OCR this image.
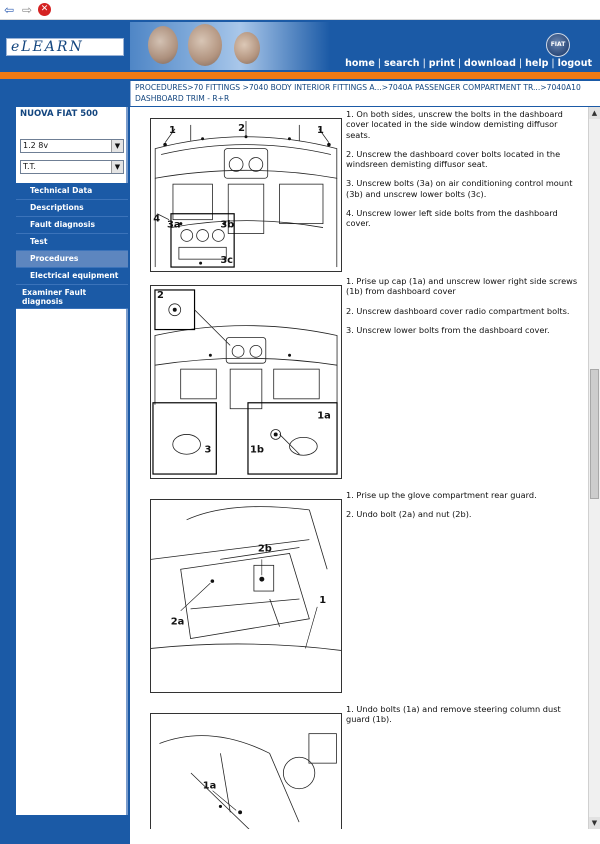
⇦ ⇨ ✕
eLEARN	FIAT
home | search | print | download | help | logout
PROCEDURES>70 FITTINGS >7040 BODY INTERIOR FITTINGS A...>7040A PASSENGER COMPARTMENT TR...>7040A10 DASHBOARD TRIM - R+R
NUOVA FIAT 500
1.2 8v	▼
T.T.	▼
Technical Data
Descriptions
Fault diagnosis
Test
Procedures
Electrical equipment
Examiner Fault diagnosis
1	2	1
4
3a	3b
3c

1. On both sides, unscrew the bolts in the dashboard cover located in the side window demisting diffusor seats.

2. Unscrew the dashboard cover bolts located in the windsreen demisting diffusor seat.

3. Unscrew bolts (3a) on air conditioning control mount (3b) and unscrew lower bolts (3c).

4. Unscrew lower left side bolts from the dashboard cover.

2
3	1b
1a

1. Prise up cap (1a) and unscrew lower right side screws (1b) from dashboard cover

2. Unscrew dashboard cover radio compartment bolts.

3. Unscrew lower bolts from the dashboard cover.

2b
2a
1

1. Prise up the glove compartment rear guard.

2. Undo bolt (2a) and nut (2b).

1a

1. Undo bolts (1a) and remove steering column dust guard (1b).

▲
▼
